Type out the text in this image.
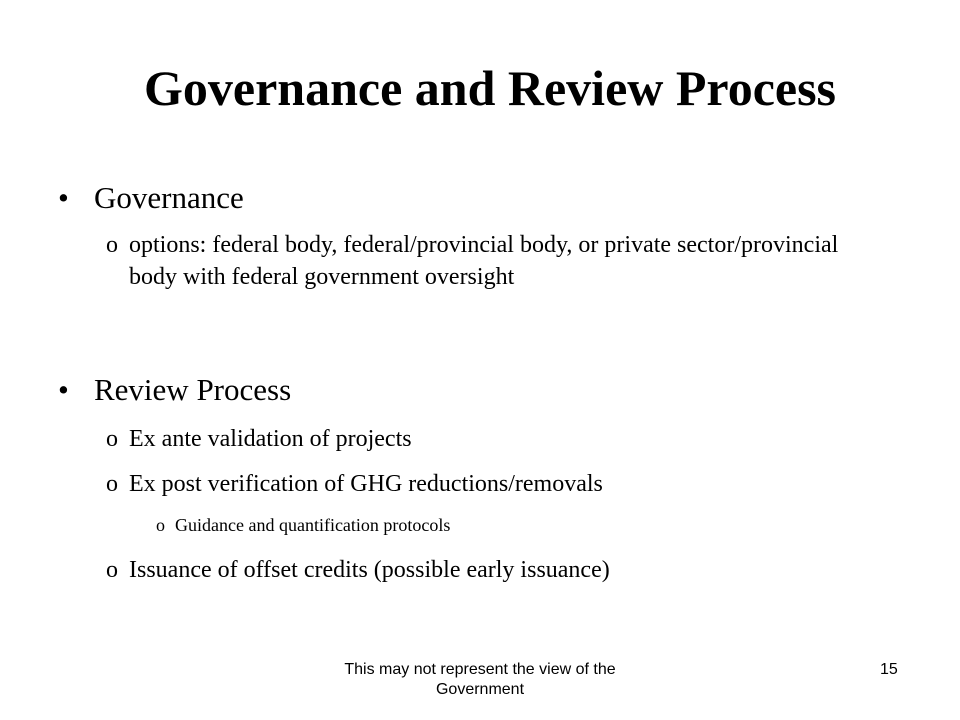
Governance and Review Process
• Governance
o options: federal body, federal/provincial body, or private sector/provincial body with federal government oversight
• Review Process
o Ex ante validation of projects
o Ex post verification of GHG reductions/removals
o Guidance and quantification protocols
o Issuance of offset credits (possible early issuance)
This may not represent the view of the Government
15
